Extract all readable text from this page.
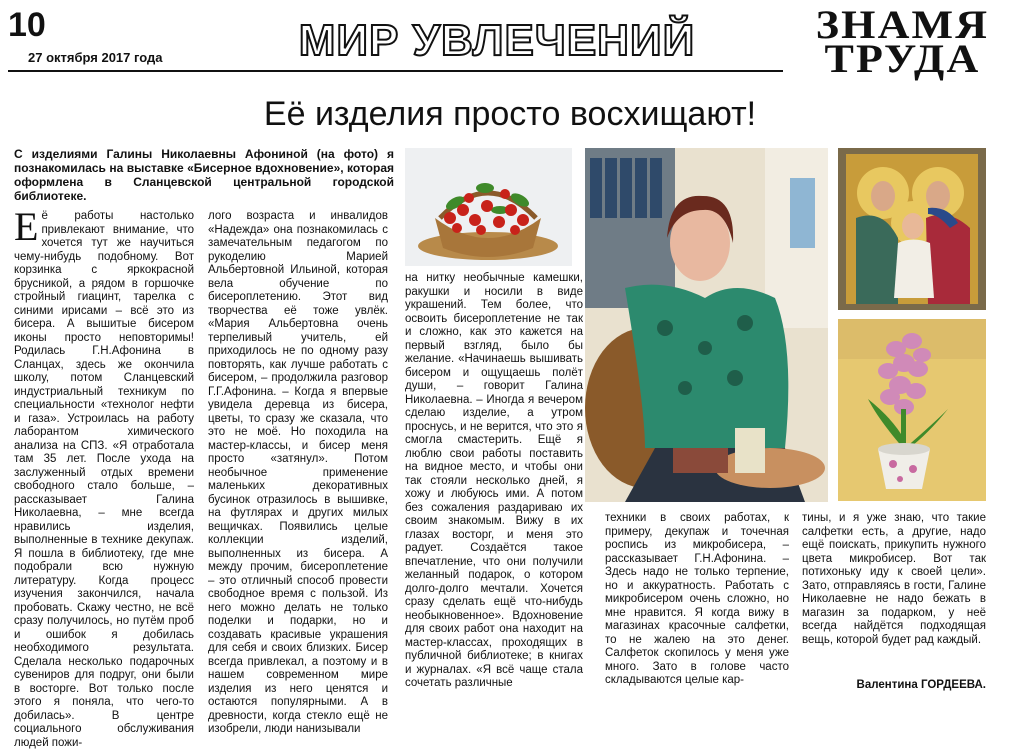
10
27 октября 2017 года	МИР УВЛЕЧЕНИЙ	ЗНАМЯ
ТРУДА
Её изделия просто восхищают!
С изделиями Галины Николаевны Афониной (на фото) я познакомилась на выставке «Бисерное вдохновение», которая оформлена в Сланцевской центральной городской библиотеке.
Её работы настолько привлекают внимание, что хочется тут же научиться чему-нибудь подобному. Вот корзинка с яркокрасной брусникой, а рядом в горшочке стройный гиацинт, тарелка с синими ирисами – всё это из бисера. А вышитые бисером иконы просто неповторимы! Родилась Г.Н.Афонина в Сланцах, здесь же окончила школу, потом Сланцевский индустриальный техникум по специальности «технолог нефти и газа». Устроилась на работу лаборантом химического анализа на СПЗ. «Я отработала там 35 лет. После ухода на заслуженный отдых времени свободного стало больше, – рассказывает Галина Николаевна, – мне всегда нравились изделия, выполненные в технике декупаж. Я пошла в библиотеку, где мне подобрали всю нужную литературу. Когда процесс изучения закончился, начала пробовать. Скажу честно, не всё сразу получилось, но путём проб и ошибок я добилась необходимого результата. Сделала несколько подарочных сувениров для подруг, они были в восторге. Вот только после этого я поняла, что чего-то добилась». В центре социального обслуживания людей пожи-
лого возраста и инвалидов «Надежда» она познакомилась с замечательным педагогом по рукоделию Марией Альбертовной Ильиной, которая вела обучение по бисероплетению. Этот вид творчества её тоже увлёк. «Мария Альбертовна очень терпеливый учитель, ей приходилось не по одному разу повторять, как лучше работать с бисером, – продолжила разговор Г.Г.Афонина. – Когда я впервые увидела деревца из бисера, цветы, то сразу же сказала, что это не моё. Но походила на мастер-классы, и бисер меня просто «затянул». Потом необычное применение маленьких декоративных бусинок отразилось в вышивке, на футлярах и других милых вещичках. Появились целые коллекции изделий, выполненных из бисера. А между прочим, бисероплетение – это отличный способ провести свободное время с пользой. Из него можно делать не только поделки и подарки, но и создавать красивые украшения для себя и своих близких. Бисер всегда привлекал, а поэтому и в нашем современном мире изделия из него ценятся и остаются популярными. А в древности, когда стекло ещё не изобрели, люди нанизывали
на нитку необычные камешки, ракушки и носили в виде украшений. Тем более, что освоить бисероплетение не так и сложно, как это кажется на первый взгляд, было бы желание. «Начинаешь вышивать бисером и ощущаешь полёт души, – говорит Галина Николаевна. – Иногда я вечером сделаю изделие, а утром проснусь, и не верится, что это я смогла смастерить. Ещё я люблю свои работы поставить на видное место, и чтобы они так стояли несколько дней, я хожу и любуюсь ими. А потом без сожаления раздариваю их своим знакомым. Вижу в их глазах восторг, и меня это радует. Создаётся такое впечатление, что они получили желанный подарок, о котором долго-долго мечтали. Хочется сразу сделать ещё что-нибудь необыкновенное». Вдохновение для своих работ она находит на мастер-классах, проходящих в публичной библиотеке; в книгах и журналах. «Я всё чаще стала сочетать различные
техники в своих работах, к примеру, декупаж и точечная роспись из микробисера, – рассказывает Г.Н.Афонина. – Здесь надо не только терпение, но и аккуратность. Работать с микробисером очень сложно, но мне нравится. Я когда вижу в магазинах красочные салфетки, то не жалею на это денег. Салфеток скопилось у меня уже много. Зато в голове часто складываются целые кар-
тины, и я уже знаю, что такие салфетки есть, а другие, надо ещё поискать, прикупить нужного цвета микробисер. Вот так потихоньку иду к своей цели». Зато, отправляясь в гости, Галине Николаевне не надо бежать в магазин за подарком, у неё всегда найдётся подходящая вещь, которой будет рад каждый.
Валентина ГОРДЕЕВА.
